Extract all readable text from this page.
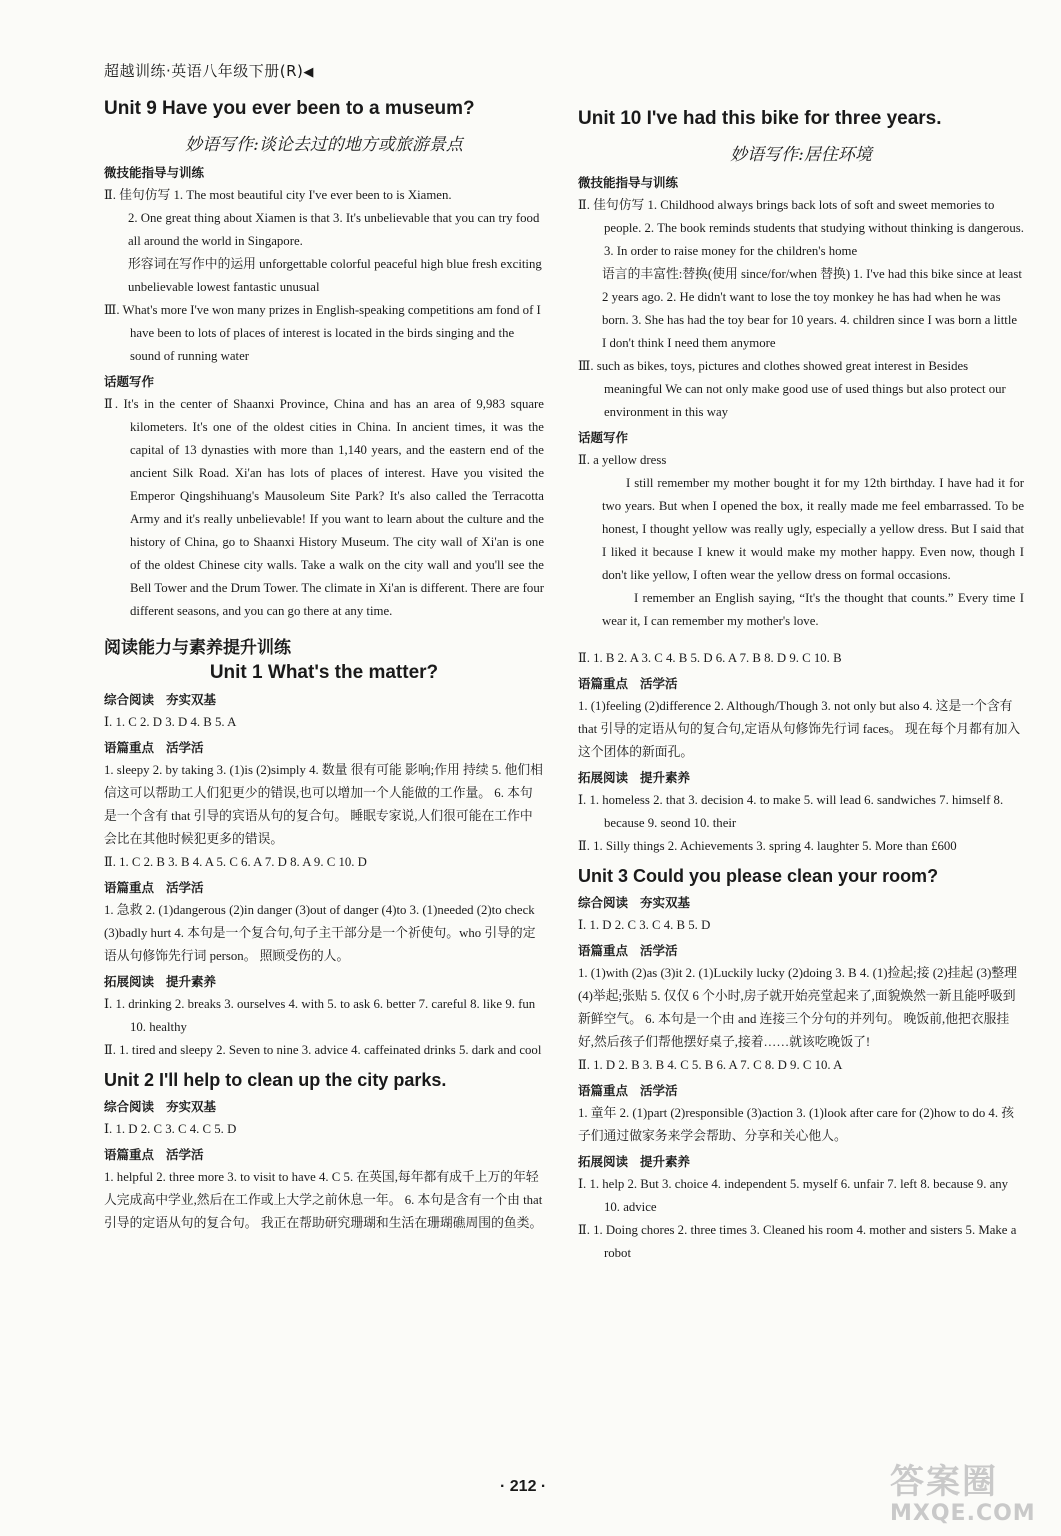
超越训练·英语八年级下册(R)◀
Unit 9 Have you ever been to a museum?
妙语写作:谈论去过的地方或旅游景点
微技能指导与训练

Ⅱ. 佳句仿写 1. The most beautiful city I've ever been to is Xiamen.

2. One great thing about Xiamen is that 3. It's unbelievable that you can try food all around the world in Singapore.

形容词在写作中的运用 unforgettable colorful peaceful high blue fresh exciting unbelievable lowest fantastic unusual

Ⅲ. What's more I've won many prizes in English-speaking competitions am fond of I have been to lots of places of interest is located in the birds singing and the sound of running water

话题写作

Ⅱ. It's in the center of Shaanxi Province, China and has an area of 9,983 square kilometers. It's one of the oldest cities in China. In ancient times, it was the capital of 13 dynasties with more than 1,140 years, and the eastern end of the ancient Silk Road. Xi'an has lots of places of interest. Have you visited the Emperor Qingshihuang's Mausoleum Site Park? It's also called the Terracotta Army and it's really unbelievable! If you want to learn about the culture and the history of China, go to Shaanxi History Museum. The city wall of Xi'an is one of the oldest Chinese city walls. Take a walk on the city wall and you'll see the Bell Tower and the Drum Tower. The climate in Xi'an is different. There are four different seasons, and you can go there at any time.

阅读能力与素养提升训练
Unit 1 What's the matter?
综合阅读 夯实双基

Ⅰ. 1. C 2. D 3. D 4. B 5. A

语篇重点 活学活

1. sleepy 2. by taking 3. (1)is (2)simply 4. 数量 很有可能 影响;作用 持续 5. 他们相信这可以帮助工人们犯更少的错误,也可以增加一个人能做的工作量。 6. 本句是一个含有 that 引导的宾语从句的复合句。 睡眠专家说,人们很可能在工作中会比在其他时候犯更多的错误。

Ⅱ. 1. C 2. B 3. B 4. A 5. C 6. A 7. D 8. A 9. C 10. D

语篇重点 活学活

1. 急救 2. (1)dangerous (2)in danger (3)out of danger (4)to 3. (1)needed (2)to check (3)badly hurt 4. 本句是一个复合句,句子主干部分是一个祈使句。who 引导的定语从句修饰先行词 person。 照顾受伤的人。

拓展阅读 提升素养

Ⅰ. 1. drinking 2. breaks 3. ourselves 4. with 5. to ask 6. better 7. careful 8. like 9. fun 10. healthy

Ⅱ. 1. tired and sleepy 2. Seven to nine 3. advice 4. caffeinated drinks 5. dark and cool

Unit 2 I'll help to clean up the city parks.
综合阅读 夯实双基

Ⅰ. 1. D 2. C 3. C 4. C 5. D

语篇重点 活学活

1. helpful 2. three more 3. to visit to have 4. C 5. 在英国,每年都有成千上万的年轻人完成高中学业,然后在工作或上大学之前休息一年。 6. 本句是含有一个由 that 引导的定语从句的复合句。 我正在帮助研究珊瑚和生活在珊瑚礁周围的鱼类。

Unit 10 I've had this bike for three years.
妙语写作:居住环境
微技能指导与训练

Ⅱ. 佳句仿写 1. Childhood always brings back lots of soft and sweet memories to people. 2. The book reminds students that studying without thinking is dangerous. 3. In order to raise money for the children's home

语言的丰富性:替换(使用 since/for/when 替换) 1. I've had this bike since at least 2 years ago. 2. He didn't want to lose the toy monkey he has had when he was born. 3. She has had the toy bear for 10 years. 4. children since I was born a little I don't think I need them anymore

Ⅲ. such as bikes, toys, pictures and clothes showed great interest in Besides meaningful We can not only make good use of used things but also protect our environment in this way

话题写作

Ⅱ. a yellow dress

I still remember my mother bought it for my 12th birthday. I have had it for two years. But when I opened the box, it really made me feel embarrassed. To be honest, I thought yellow was really ugly, especially a yellow dress. But I said that I liked it because I knew it would make my mother happy. Even now, though I don't like yellow, I often wear the yellow dress on formal occasions.

I remember an English saying, “It's the thought that counts.” Every time I wear it, I can remember my mother's love.

Ⅱ. 1. B 2. A 3. C 4. B 5. D 6. A 7. B 8. D 9. C 10. B

语篇重点 活学活

1. (1)feeling (2)difference 2. Although/Though 3. not only but also 4. 这是一个含有 that 引导的定语从句的复合句,定语从句修饰先行词 faces。 现在每个月都有加入这个团体的新面孔。

拓展阅读 提升素养

Ⅰ. 1. homeless 2. that 3. decision 4. to make 5. will lead 6. sandwiches 7. himself 8. because 9. seond 10. their

Ⅱ. 1. Silly things 2. Achievements 3. spring 4. laughter 5. More than £600

Unit 3 Could you please clean your room?
综合阅读 夯实双基

Ⅰ. 1. D 2. C 3. C 4. B 5. D

语篇重点 活学活

1. (1)with (2)as (3)it 2. (1)Luckily lucky (2)doing 3. B 4. (1)捡起;接 (2)挂起 (3)整理 (4)举起;张贴 5. 仅仅 6 个小时,房子就开始亮堂起来了,面貌焕然一新且能呼吸到新鲜空气。 6. 本句是一个由 and 连接三个分句的并列句。 晚饭前,他把衣服挂好,然后孩子们帮他摆好桌子,接着……就该吃晚饭了!

Ⅱ. 1. D 2. B 3. B 4. C 5. B 6. A 7. C 8. D 9. C 10. A

语篇重点 活学活

1. 童年 2. (1)part (2)responsible (3)action 3. (1)look after care for (2)how to do 4. 孩子们通过做家务来学会帮助、分享和关心他人。

拓展阅读 提升素养

Ⅰ. 1. help 2. But 3. choice 4. independent 5. myself 6. unfair 7. left 8. because 9. any 10. advice

Ⅱ. 1. Doing chores 2. three times 3. Cleaned his room 4. mother and sisters 5. Make a robot

· 212 ·	答案圈
MXQE.COM
